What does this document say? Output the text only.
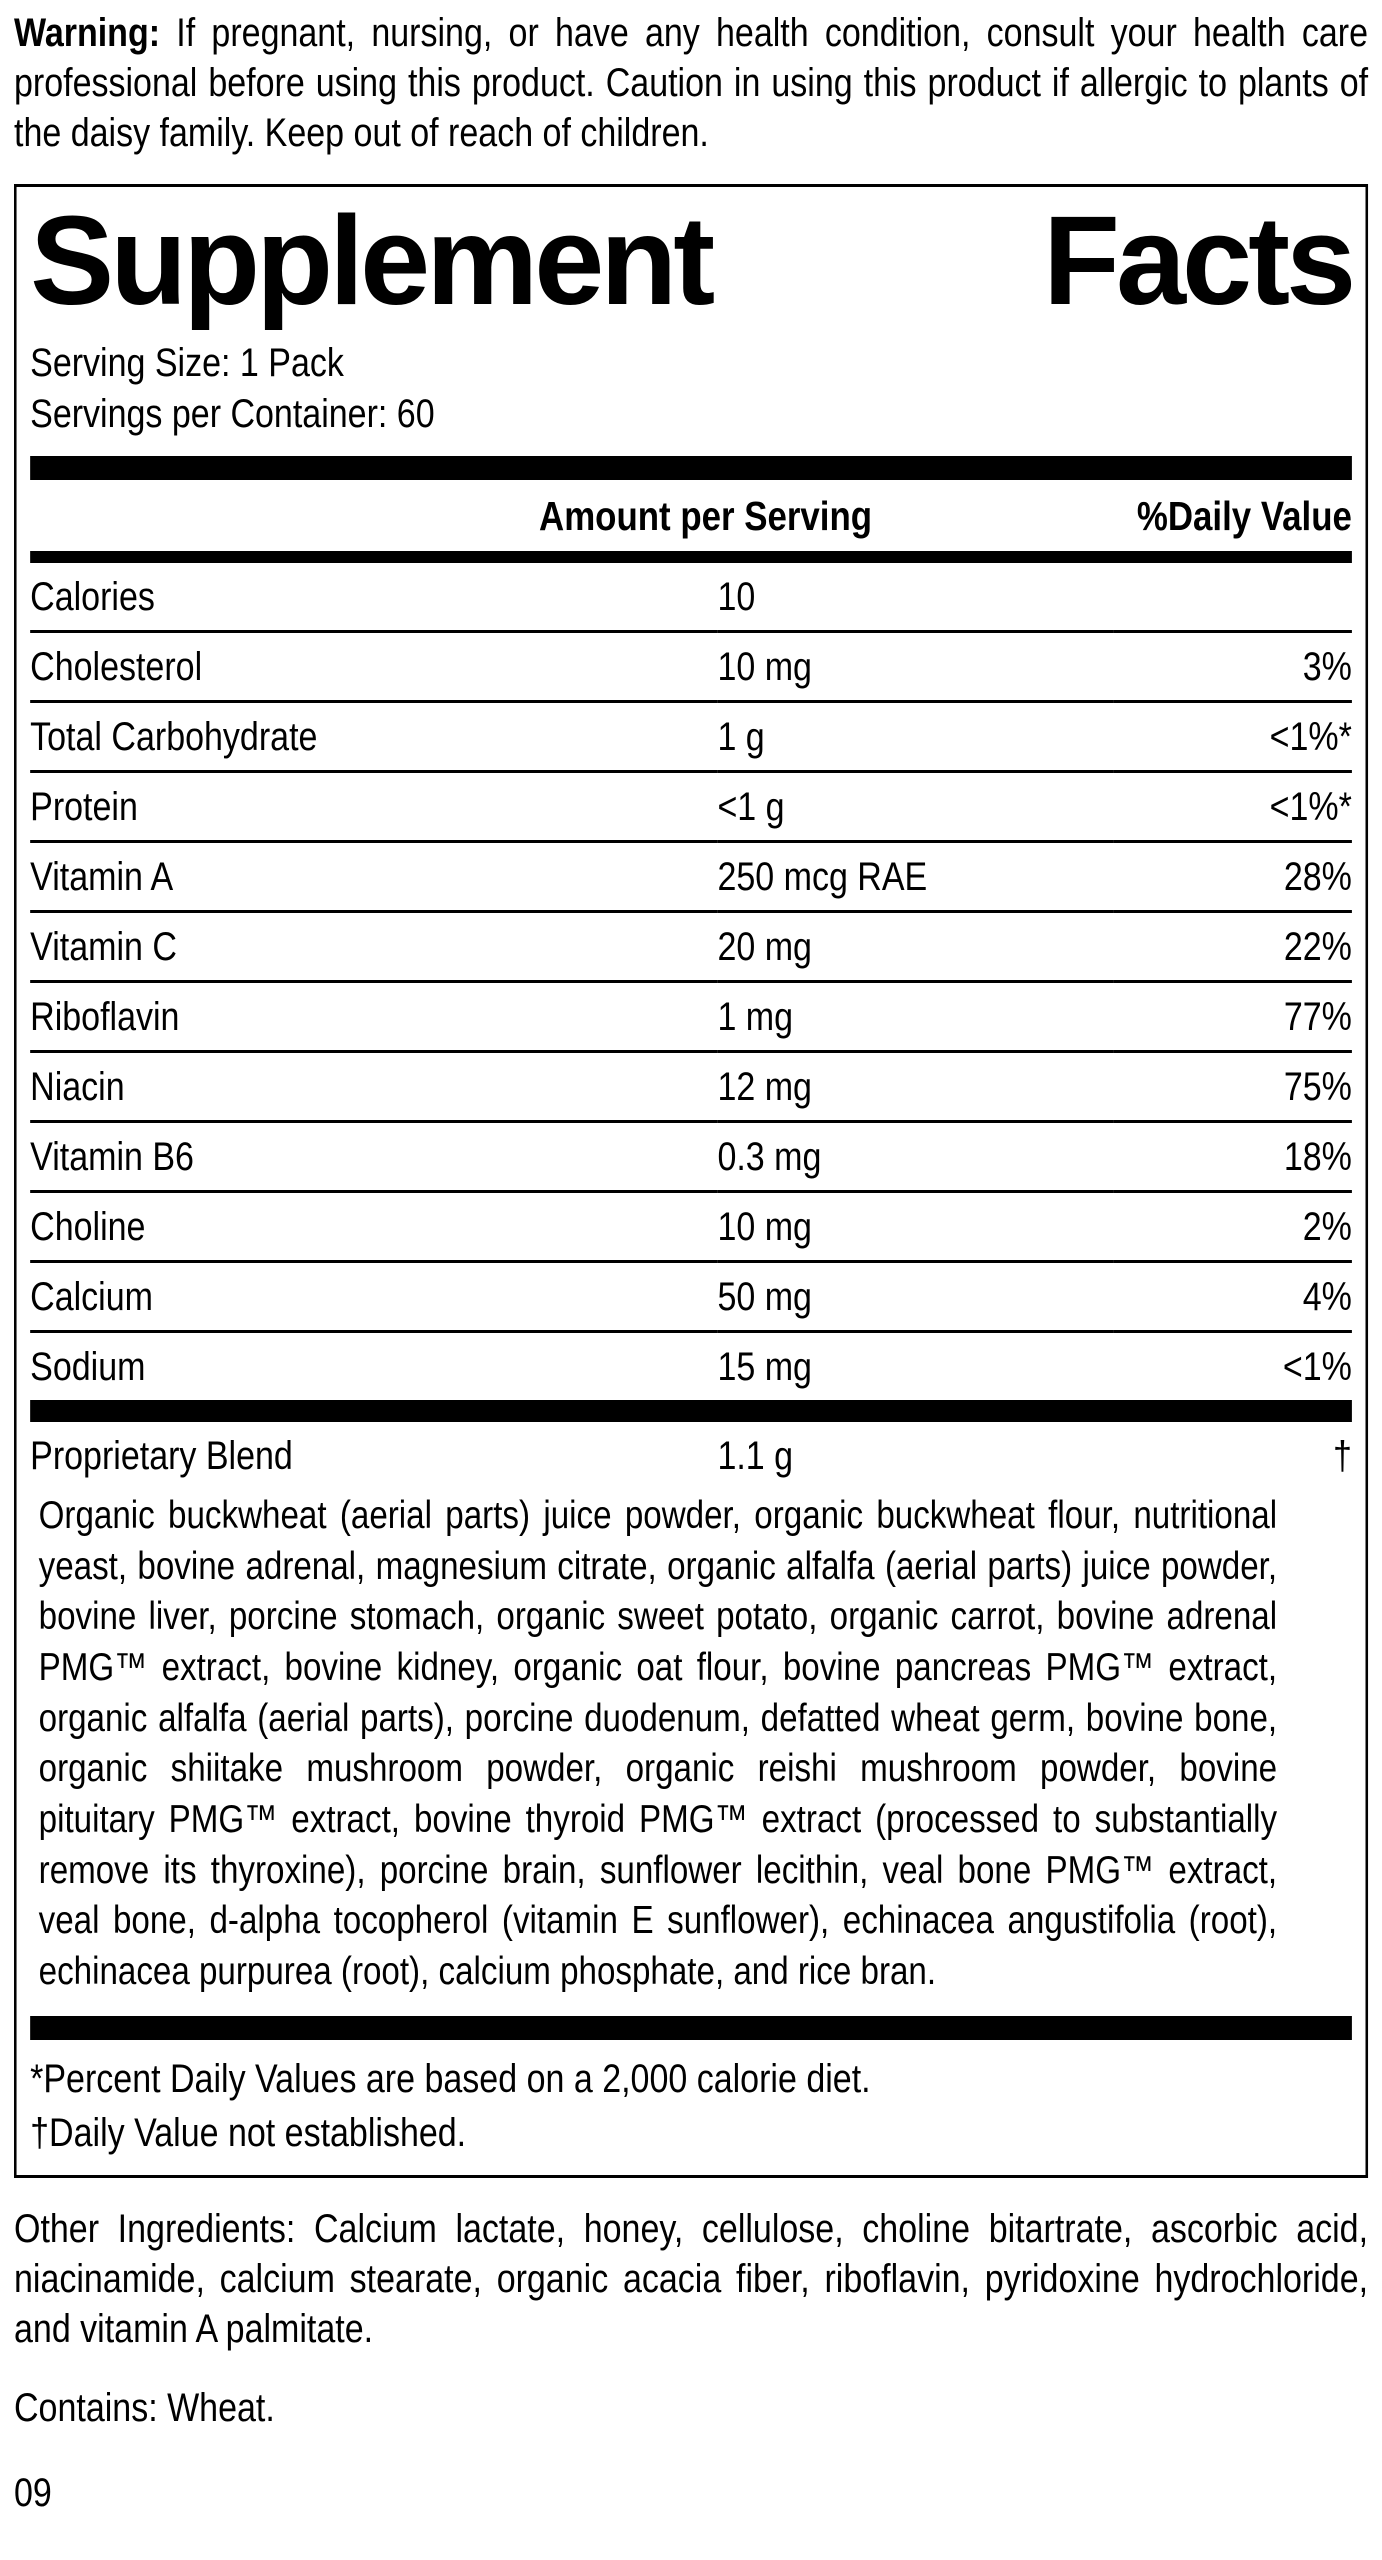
Warning: If pregnant, nursing, or have any health condition, consult your health care professional before using this product. Caution in using this product if allergic to plants of the daisy family. Keep out of reach of children.

Supplement	Facts

Serving Size: 1 Pack

Servings per Container: 60

Amount per Serving	%Daily Value
Calories	10	
Cholesterol	10 mg	3%
Total Carbohydrate	1 g	<1%*
Protein	<1 g	<1%*
Vitamin A	250 mcg RAE	28%
Vitamin C	20 mg	22%
Riboflavin	1 mg	77%
Niacin	12 mg	75%
Vitamin B6	0.3 mg	18%
Choline	10 mg	2%
Calcium	50 mg	4%
Sodium	15 mg	<1%
Proprietary Blend	1.1 g	†

Organic buckwheat (aerial parts) juice powder, organic buckwheat flour, nutritional yeast, bovine adrenal, magnesium citrate, organic alfalfa (aerial parts) juice powder, bovine liver, porcine stomach, organic sweet potato, organic carrot, bovine adrenal PMG™ extract, bovine kidney, organic oat flour, bovine pancreas PMG™ extract, organic alfalfa (aerial parts), porcine duodenum, defatted wheat germ, bovine bone, organic shiitake mushroom powder, organic reishi mushroom powder, bovine pituitary PMG™ extract, bovine thyroid PMG™ extract (processed to substantially remove its thyroxine), porcine brain, sunflower lecithin, veal bone PMG™ extract, veal bone, d-alpha tocopherol (vitamin E sunflower), echinacea angustifolia (root), echinacea purpurea (root), calcium phosphate, and rice bran.

*Percent Daily Values are based on a 2,000 calorie diet.

†Daily Value not established.

Other Ingredients: Calcium lactate, honey, cellulose, choline bitartrate, ascorbic acid, niacinamide, calcium stearate, organic acacia fiber, riboflavin, pyridoxine hydrochloride, and vitamin A palmitate.

Contains: Wheat.

09
